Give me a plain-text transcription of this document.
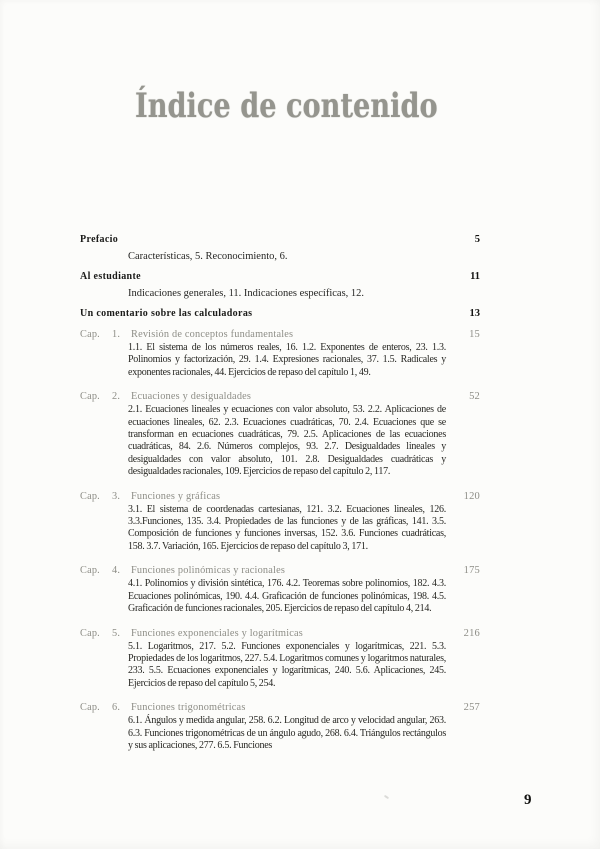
Índice de contenido
Prefacio	5
Características, 5. Reconocimiento, 6.
Al estudiante	11
Indicaciones generales, 11. Indicaciones específicas, 12.
Un comentario sobre las calculadoras	13
Cap. 1. Revisión de conceptos fundamentales	15
1.1. El sistema de los números reales, 16. 1.2. Exponentes de enteros, 23. 1.3. Polinomios y factorización, 29. 1.4. Expresiones racionales, 37. 1.5. Radicales y exponentes racionales, 44. Ejercicios de repaso del capítulo 1, 49.
Cap. 2. Ecuaciones y desigualdades	52
2.1. Ecuaciones lineales y ecuaciones con valor absoluto, 53. 2.2. Aplicaciones de ecuaciones lineales, 62. 2.3. Ecuaciones cuadráticas, 70. 2.4. Ecuaciones que se transforman en ecuaciones cuadráticas, 79. 2.5. Aplicaciones de las ecuaciones cuadráticas, 84. 2.6. Números complejos, 93. 2.7. Desigualdades lineales y desigualdades con valor absoluto, 101. 2.8. Desigualdades cuadráticas y desigualdades racionales, 109. Ejercicios de repaso del capítulo 2, 117.
Cap. 3. Funciones y gráficas	120
3.1. El sistema de coordenadas cartesianas, 121. 3.2. Ecuaciones lineales, 126. 3.3.Funciones, 135. 3.4. Propiedades de las funciones y de las gráficas, 141. 3.5. Composición de funciones y funciones inversas, 152. 3.6. Funciones cuadráticas, 158. 3.7. Variación, 165. Ejercicios de repaso del capítulo 3, 171.
Cap. 4. Funciones polinómicas y racionales	175
4.1. Polinomios y división sintética, 176. 4.2. Teoremas sobre polinomios, 182. 4.3. Ecuaciones polinómicas, 190. 4.4. Graficación de funciones polinómicas, 198. 4.5. Graficación de funciones racionales, 205. Ejercicios de repaso del capítulo 4, 214.
Cap. 5. Funciones exponenciales y logarítmicas	216
5.1. Logaritmos, 217. 5.2. Funciones exponenciales y logarítmicas, 221. 5.3. Propiedades de los logaritmos, 227. 5.4. Logaritmos comunes y logaritmos naturales, 233. 5.5. Ecuaciones exponenciales y logarítmicas, 240. 5.6. Aplicaciones, 245. Ejercicios de repaso del capítulo 5, 254.
Cap. 6. Funciones trigonométricas	257
6.1. Ángulos y medida angular, 258. 6.2. Longitud de arco y velocidad angular, 263. 6.3. Funciones trigonométricas de un ángulo agudo, 268. 6.4. Triángulos rectángulos y sus aplicaciones, 277. 6.5. Funciones
9
